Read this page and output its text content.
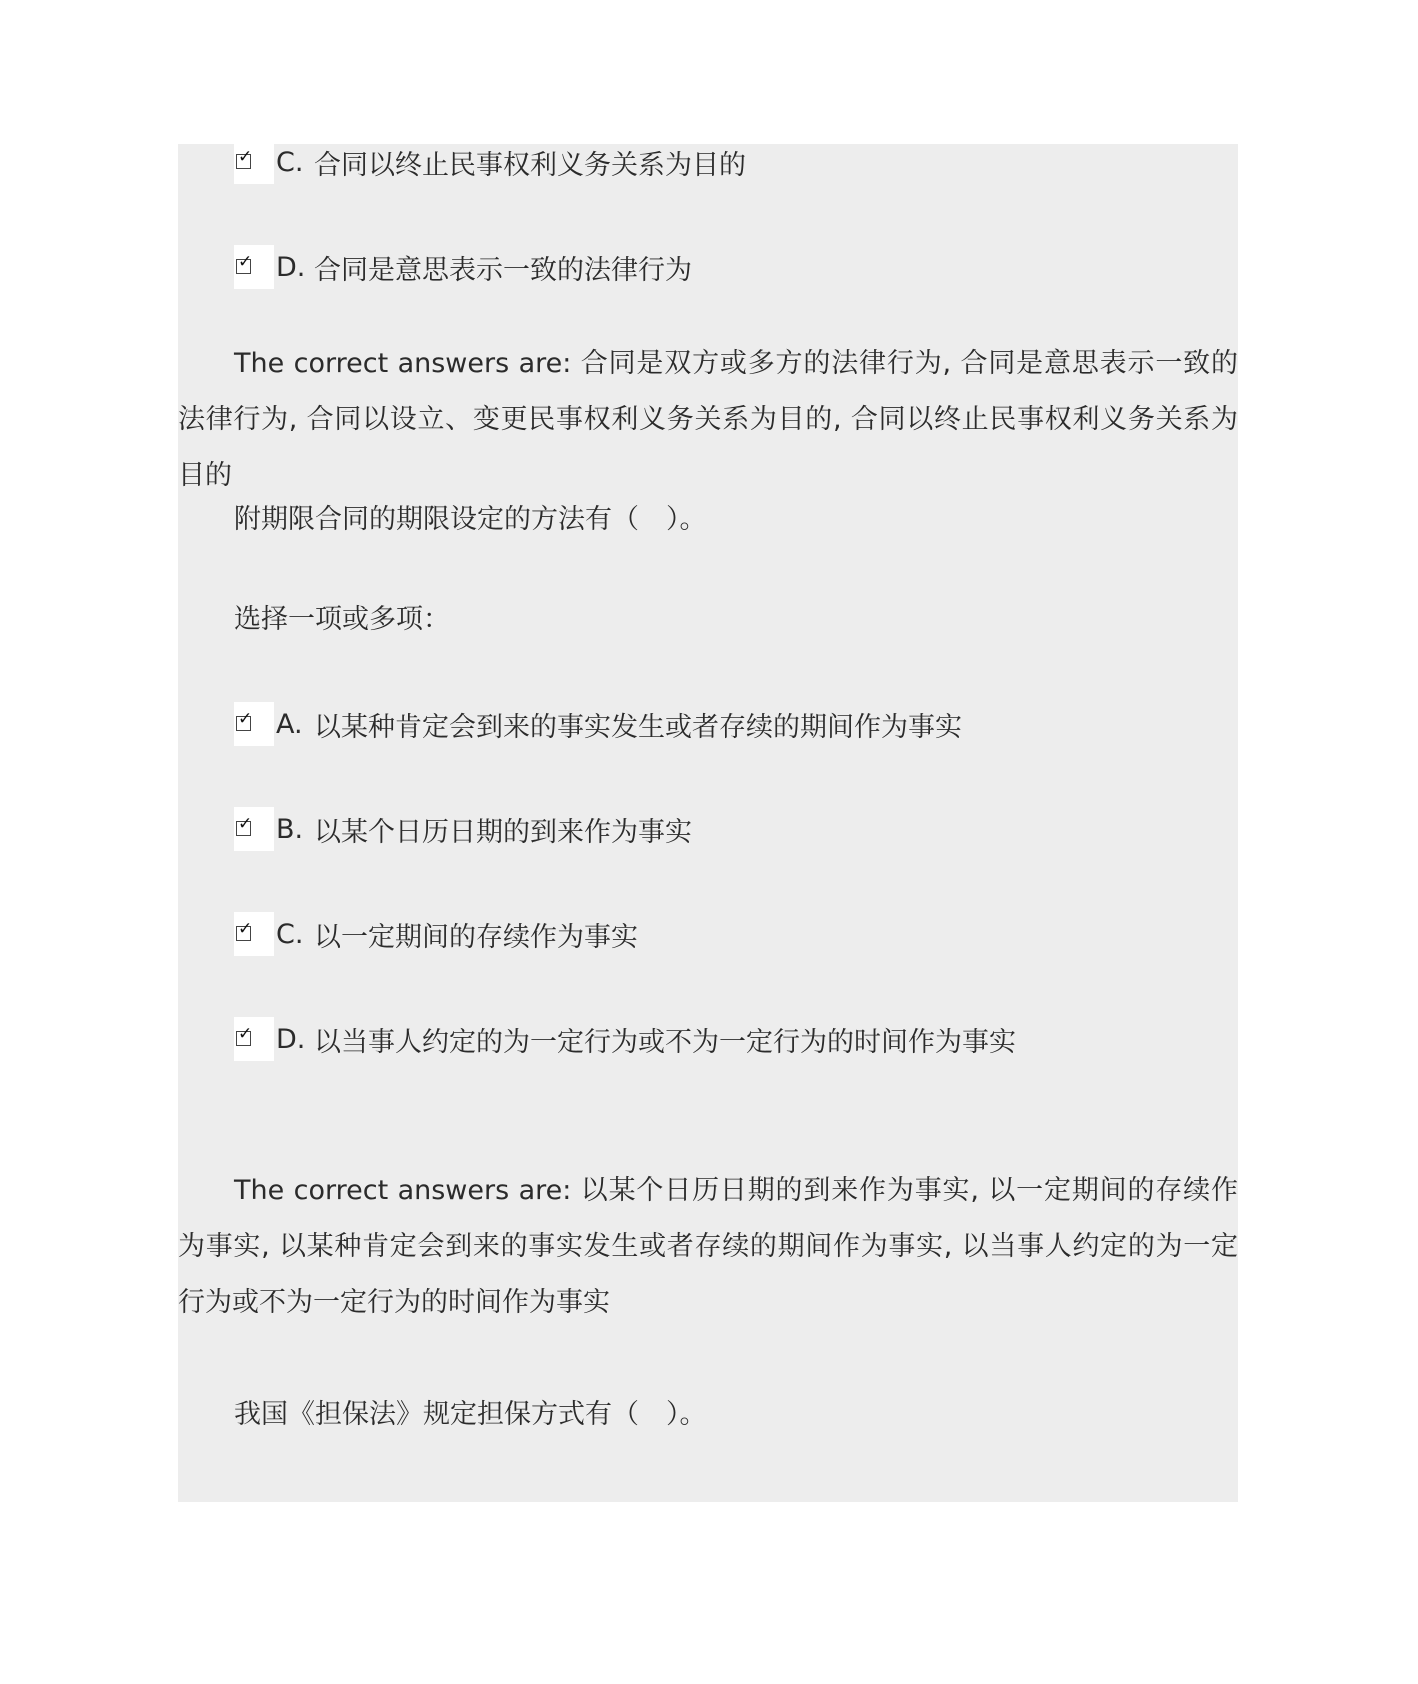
✓ C. 合同以终止民事权利义务关系为目的
✓ D. 合同是意思表示一致的法律行为
The correct answers are: 合同是双方或多方的法律行为, 合同是意思表示一致的法律行为, 合同以设立、变更民事权利义务关系为目的, 合同以终止民事权利义务关系为目的
附期限合同的期限设定的方法有（　）。
选择一项或多项：
✓ A. 以某种肯定会到来的事实发生或者存续的期间作为事实
✓ B. 以某个日历日期的到来作为事实
✓ C. 以一定期间的存续作为事实
✓ D. 以当事人约定的为一定行为或不为一定行为的时间作为事实
The correct answers are: 以某个日历日期的到来作为事实, 以一定期间的存续作为事实, 以某种肯定会到来的事实发生或者存续的期间作为事实, 以当事人约定的为一定行为或不为一定行为的时间作为事实
我国《担保法》规定担保方式有（　）。
